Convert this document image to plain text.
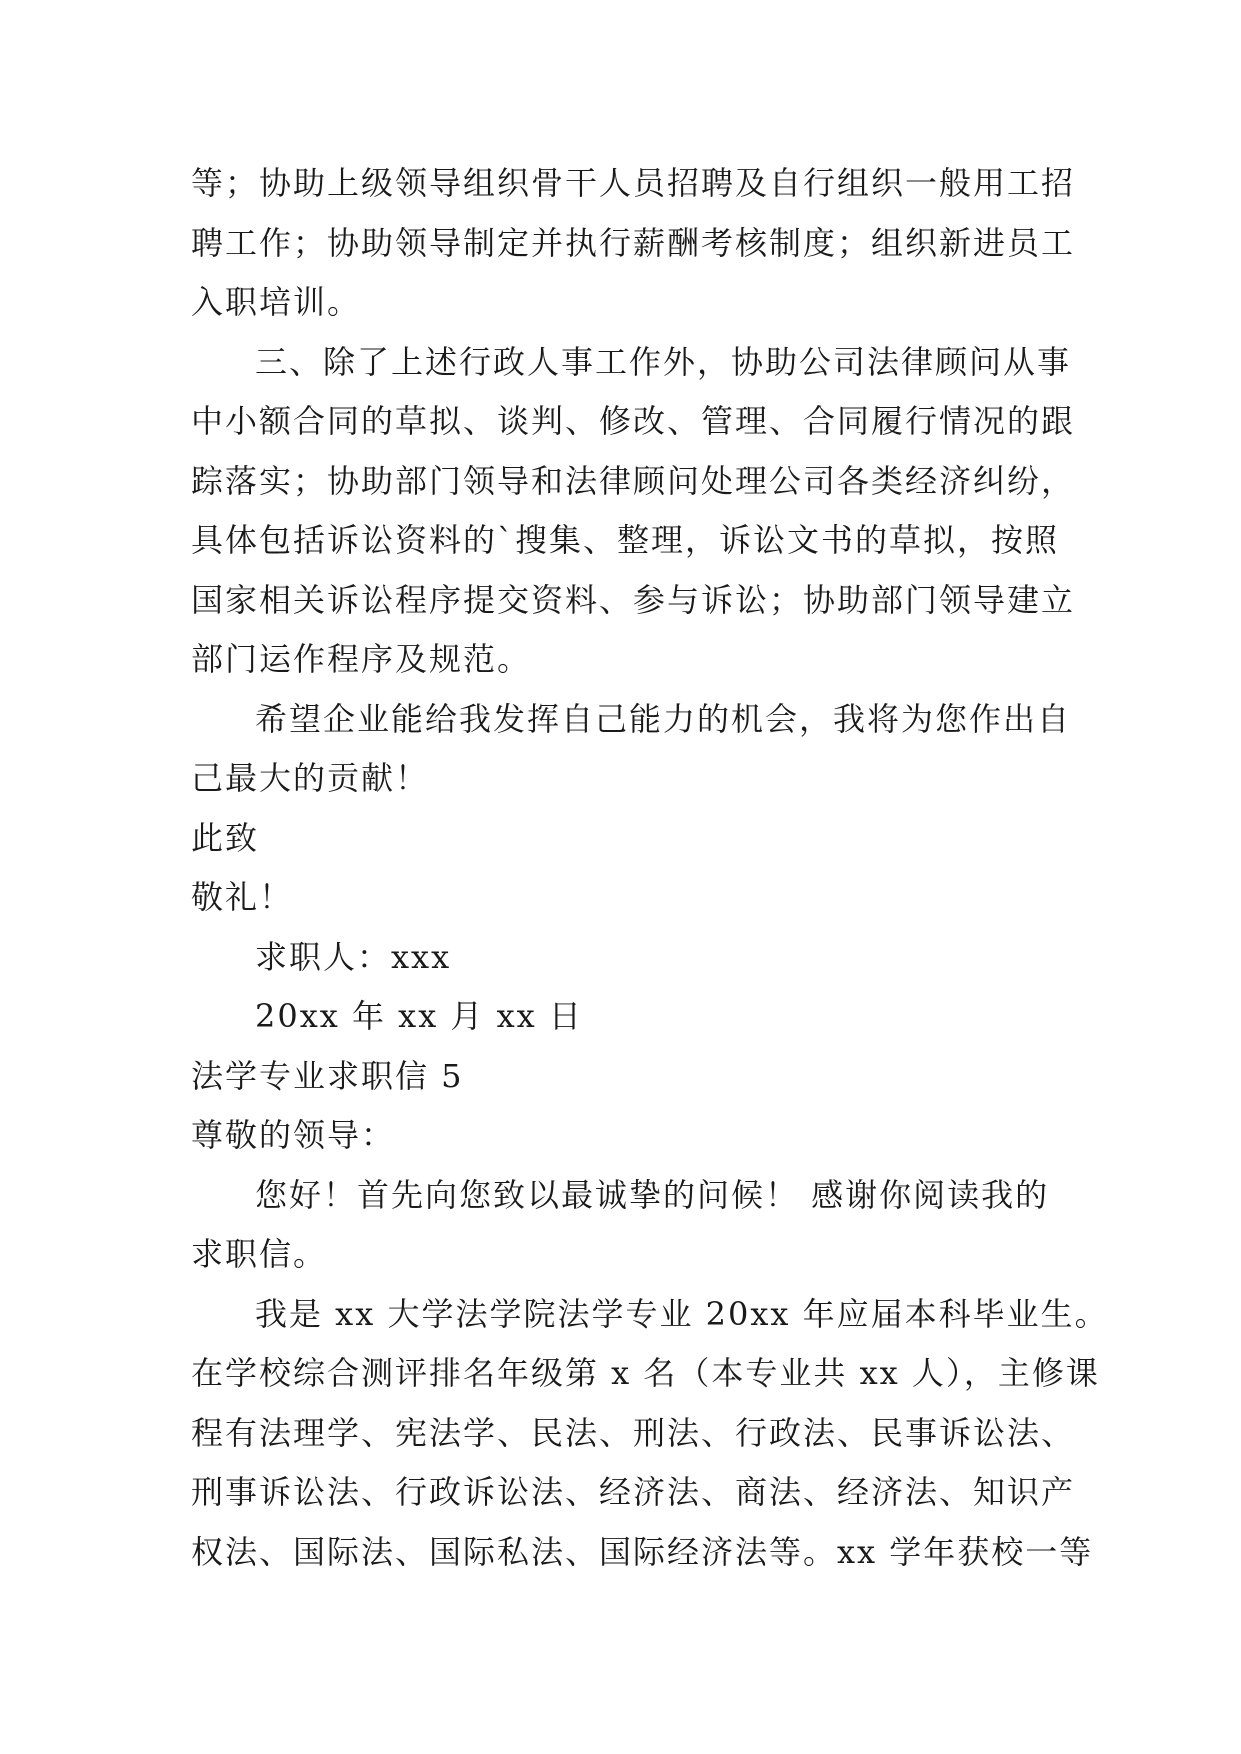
等；协助上级领导组织骨干人员招聘及自行组织一般用工招
聘工作；协助领导制定并执行薪酬考核制度；组织新进员工
入职培训。
三、除了上述行政人事工作外，协助公司法律顾问从事
中小额合同的草拟、谈判、修改、管理、合同履行情况的跟
踪落实；协助部门领导和法律顾问处理公司各类经济纠纷，
具体包括诉讼资料的`搜集、整理，诉讼文书的草拟，按照
国家相关诉讼程序提交资料、参与诉讼；协助部门领导建立
部门运作程序及规范。
希望企业能给我发挥自己能力的机会，我将为您作出自
己最大的贡献！
此致
敬礼！
求职人：xxx
20xx 年 xx 月 xx 日
法学专业求职信 5
尊敬的领导：
您好！首先向您致以最诚挚的问候！ 感谢你阅读我的
求职信。
我是 xx 大学法学院法学专业 20xx 年应届本科毕业生。
在学校综合测评排名年级第 x 名（本专业共 xx 人），主修课
程有法理学、宪法学、民法、刑法、行政法、民事诉讼法、
刑事诉讼法、行政诉讼法、经济法、商法、经济法、知识产
权法、国际法、国际私法、国际经济法等。xx 学年获校一等
